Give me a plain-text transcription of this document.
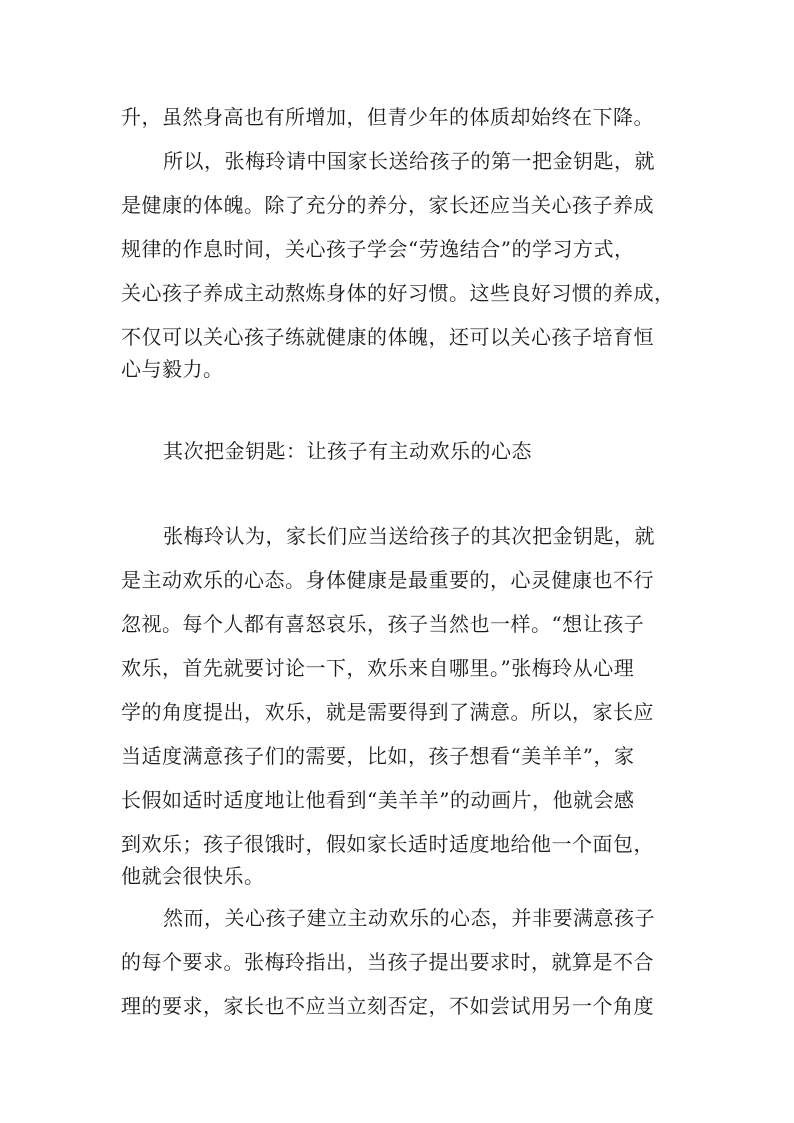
升，虽然身高也有所增加，但青少年的体质却始终在下降。
所以，张梅玲请中国家长送给孩子的第一把金钥匙，就
是健康的体魄。除了充分的养分，家长还应当关心孩子养成
规律的作息时间，关心孩子学会“劳逸结合”的学习方式，
关心孩子养成主动熬炼身体的好习惯。这些良好习惯的养成，
不仅可以关心孩子练就健康的体魄，还可以关心孩子培育恒
心与毅力。
其次把金钥匙：让孩子有主动欢乐的心态
张梅玲认为，家长们应当送给孩子的其次把金钥匙，就
是主动欢乐的心态。身体健康是最重要的，心灵健康也不行
忽视。每个人都有喜怒哀乐，孩子当然也一样。“想让孩子
欢乐，首先就要讨论一下，欢乐来自哪里。”张梅玲从心理
学的角度提出，欢乐，就是需要得到了满意。所以，家长应
当适度满意孩子们的需要，比如，孩子想看“美羊羊”，家
长假如适时适度地让他看到“美羊羊”的动画片，他就会感
到欢乐；孩子很饿时，假如家长适时适度地给他一个面包，
他就会很快乐。
然而，关心孩子建立主动欢乐的心态，并非要满意孩子
的每个要求。张梅玲指出，当孩子提出要求时，就算是不合
理的要求，家长也不应当立刻否定，不如尝试用另一个角度
